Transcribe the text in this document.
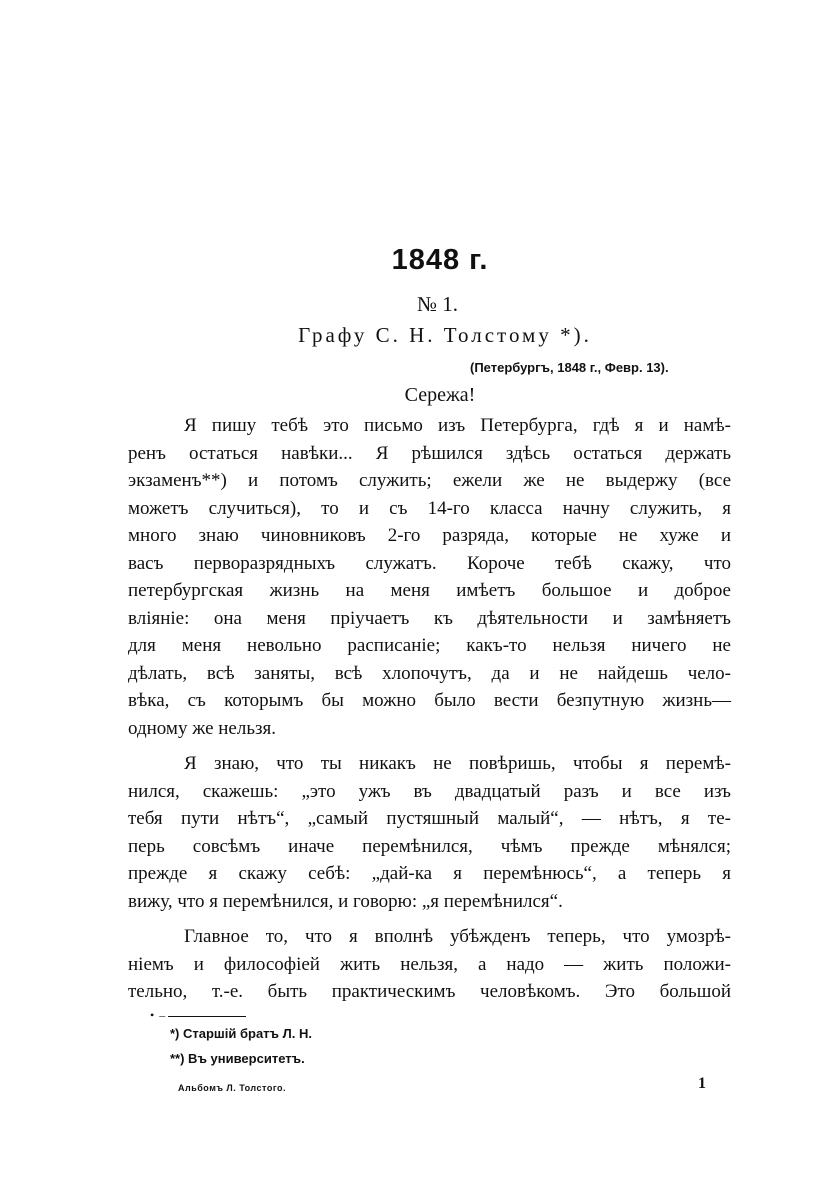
1848 г.
№ 1.
Графу С. Н. Толстому *).
(Петербургъ, 1848 г., Февр. 13).
Сережа!
Я пишу тебѣ это письмо изъ Петербурга, гдѣ я и намѣ-
ренъ остаться навѣки... Я рѣшился здѣсь остаться держать
экзаменъ**) и потомъ служить; ежели же не выдержу (все
можетъ случиться), то и съ 14-го класса начну служить, я
много знаю чиновниковъ 2-го разряда, которые не хуже и
васъ перворазрядныхъ служатъ. Короче тебѣ скажу, что
петербургская жизнь на меня имѣетъ большое и доброе
вліяніе: она меня пріучаетъ къ дѣятельности и замѣняетъ
для меня невольно расписаніе; какъ-то нельзя ничего не
дѣлать, всѣ заняты, всѣ хлопочутъ, да и не найдешь чело-
вѣка, съ которымъ бы можно было вести безпутную жизнь—
одному же нельзя.
Я знаю, что ты никакъ не повѣришь, чтобы я перемѣ-
нился, скажешь: „это ужъ въ двадцатый разъ и все изъ
тебя пути нѣтъ“, „самый пустяшный малый“, — нѣтъ, я те-
перь совсѣмъ иначе перемѣнился, чѣмъ прежде мѣнялся;
прежде я скажу себѣ: „дай-ка я перемѣнюсь“, а теперь я
вижу, что я перемѣнился, и говорю: „я перемѣнился“.
Главное то, что я вполнѣ убѣжденъ теперь, что умозрѣ-
ніемъ и философіей жить нельзя, а надо — жить положи-
тельно, т.-е. быть практическимъ человѣкомъ. Это большой
•–
*) Старшій братъ Л. Н.
**) Въ университетъ.
Альбомъ Л. Толстого.	1
